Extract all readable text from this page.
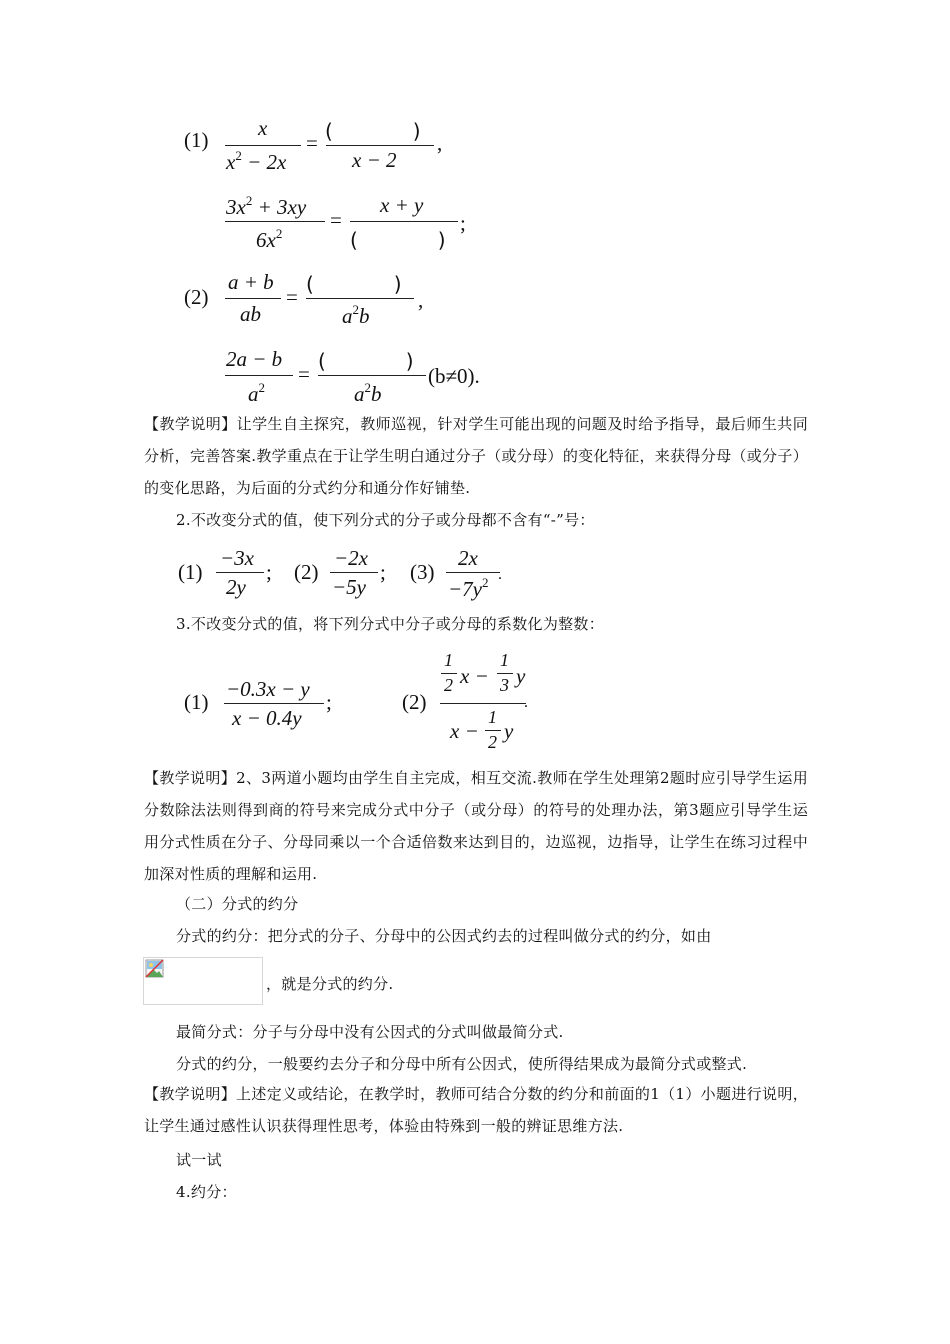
(1) x
$x^2 - 2x$
= (　　　　)
x − 2
,
$3x^2 + 3xy$
$6x^2$
=
x + y
(　　　　)
;
(2)
a + b
ab
=
(　　　　)
$a^2b$
,
2a − b
$a^2$
=
(　　　　)
$a^2b$
(b≠0).
【教学说明】让学生自主探究，教师巡视，针对学生可能出现的问题及时给予指导，最后师生共同分析，完善答案.教学重点在于让学生明白通过分子（或分母）的变化特征，来获得分母（或分子）的变化思路，为后面的分式约分和通分作好铺垫.
2.不改变分式的值，使下列分式的分子或分母都不含有“-”号：
(1)
−3x
2y
; (2)
−2x
−5y
; (3)
2x
$-7y^2$ .
3.不改变分式的值，将下列分式中分子或分母的系数化为整数：
(1)
−0.3x − y
x − 0.4y
;	(2)
1
2 x −
1
3 y
x −
1
2 y
.
【教学说明】2、3两道小题均由学生自主完成，相互交流.教师在学生处理第2题时应引导学生运用分数除法法则得到商的符号来完成分式中分子（或分母）的符号的处理办法，第3题应引导学生运用分式性质在分子、分母同乘以一个合适倍数来达到目的，边巡视，边指导，让学生在练习过程中加深对性质的理解和运用.
（二）分式的约分
分式的约分：把分式的分子、分母中的公因式约去的过程叫做分式的约分，如由
，就是分式的约分.
最简分式：分子与分母中没有公因式的分式叫做最简分式.
分式的约分，一般要约去分子和分母中所有公因式，使所得结果成为最简分式或整式.
【教学说明】上述定义或结论，在教学时，教师可结合分数的约分和前面的1（1）小题进行说明，让学生通过感性认识获得理性思考，体验由特殊到一般的辨证思维方法.
试一试
4.约分：
